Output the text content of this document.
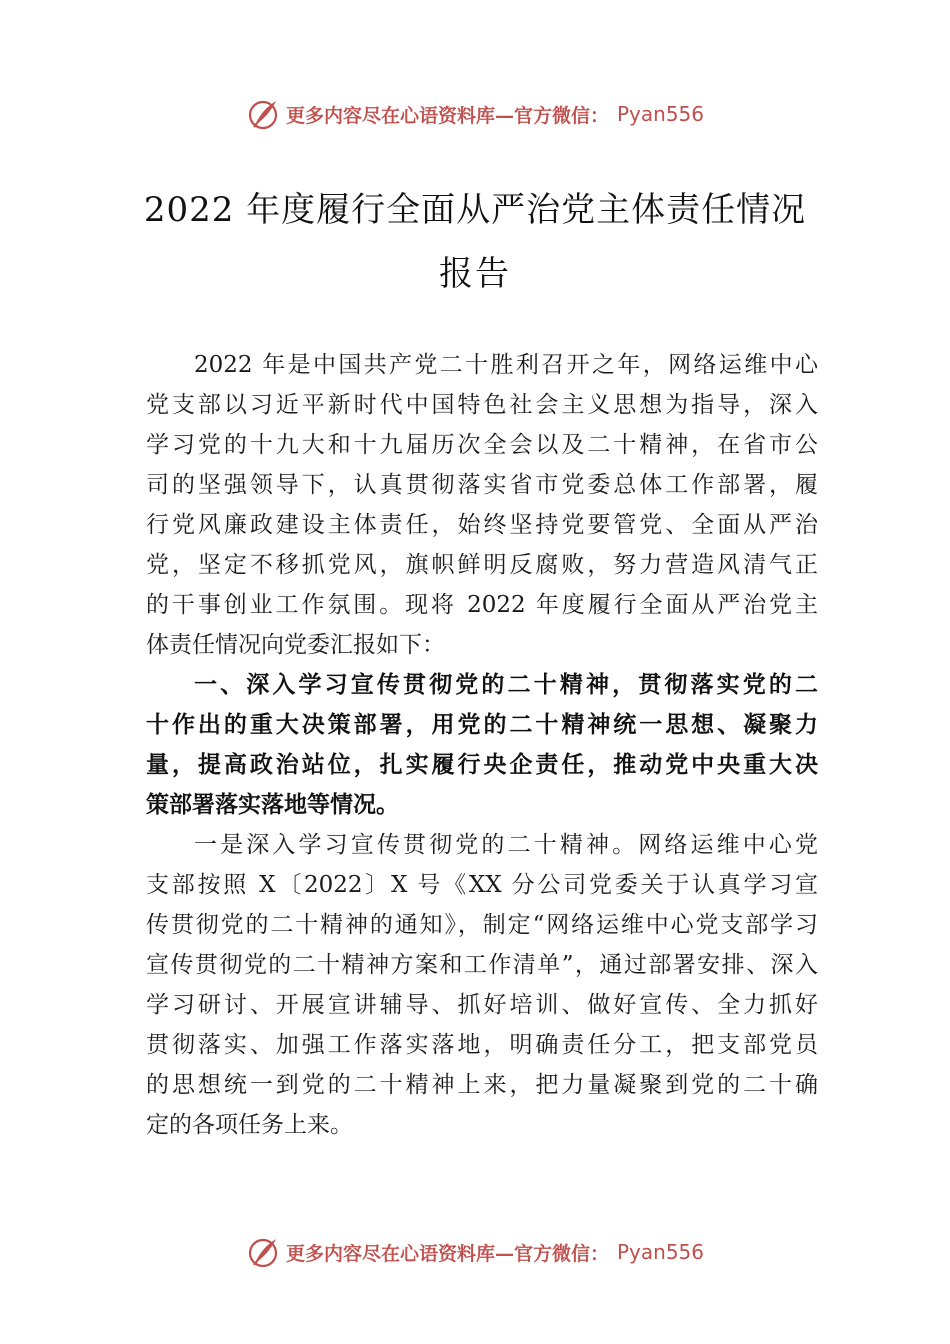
更多内容尽在心语资料库—官方微信： Pyan556
2022 年度履行全面从严治党主体责任情况
报告
2022 年是中国共产党二十胜利召开之年，网络运维中心
党支部以习近平新时代中国特色社会主义思想为指导，深入
学习党的十九大和十九届历次全会以及二十精神，在省市公
司的坚强领导下，认真贯彻落实省市党委总体工作部署，履
行党风廉政建设主体责任，始终坚持党要管党、全面从严治
党，坚定不移抓党风，旗帜鲜明反腐败，努力营造风清气正
的干事创业工作氛围。现将 2022 年度履行全面从严治党主
体责任情况向党委汇报如下：
一、深入学习宣传贯彻党的二十精神，贯彻落实党的二
十作出的重大决策部署，用党的二十精神统一思想、凝聚力
量，提高政治站位，扎实履行央企责任，推动党中央重大决
策部署落实落地等情况。
一是深入学习宣传贯彻党的二十精神。网络运维中心党
支部按照 X〔2022〕X 号《XX 分公司党委关于认真学习宣
传贯彻党的二十精神的通知》，制定“网络运维中心党支部学习
宣传贯彻党的二十精神方案和工作清单”，通过部署安排、深入
学习研讨、开展宣讲辅导、抓好培训、做好宣传、全力抓好
贯彻落实、加强工作落实落地，明确责任分工，把支部党员
的思想统一到党的二十精神上来，把力量凝聚到党的二十确
定的各项任务上来。
更多内容尽在心语资料库—官方微信： Pyan556
